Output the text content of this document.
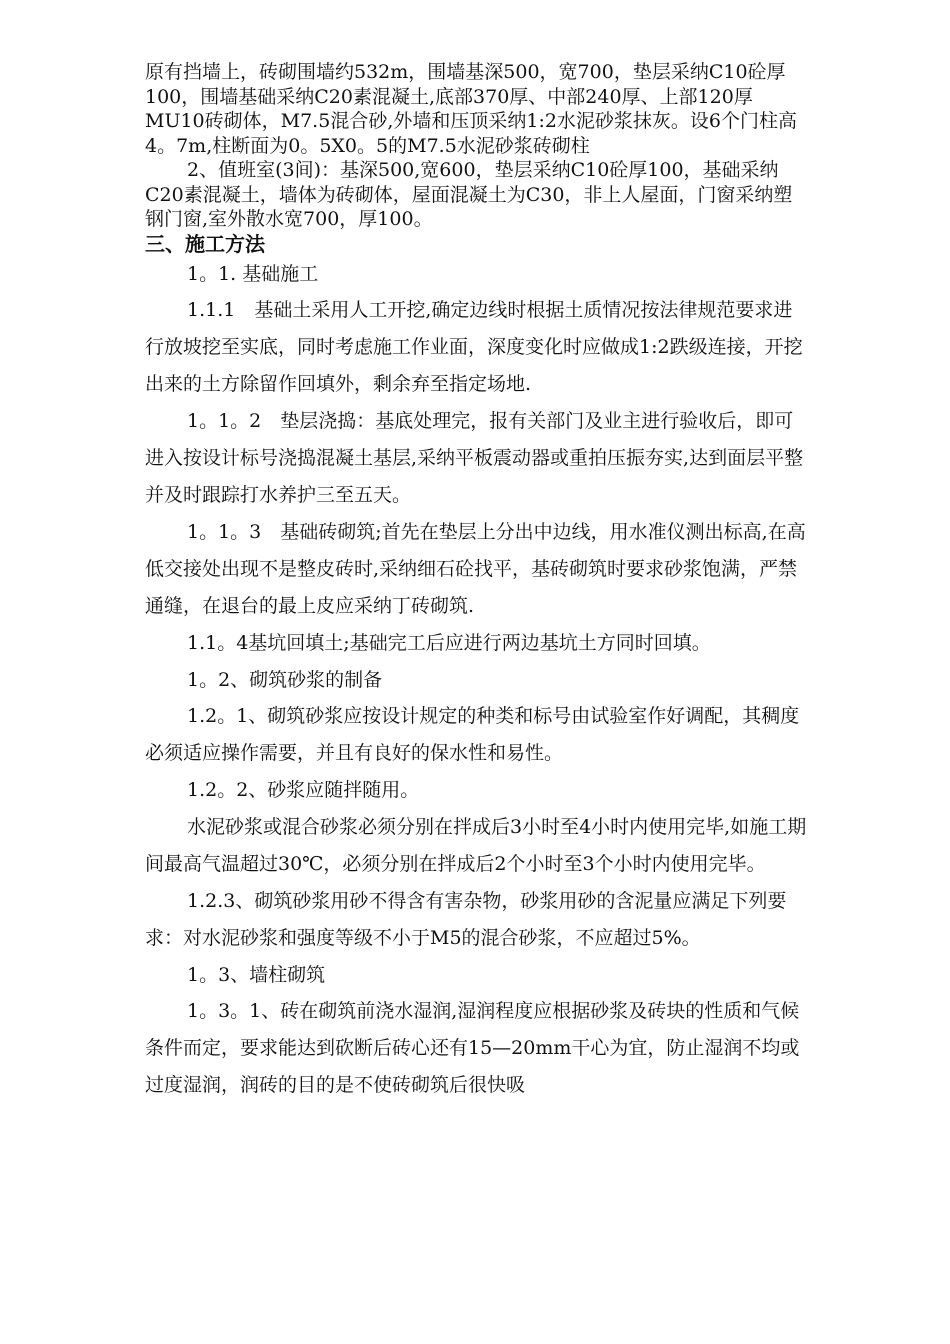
原有挡墙上，砖砌围墙约532m，围墙基深500，宽700，垫层采纳C10砼厚100，围墙基础采纳C20素混凝土,底部370厚、中部240厚、上部120厚MU10砖砌体，M7.5混合砂,外墙和压顶采纳1:2水泥砂浆抹灰。设6个门柱高4。7m,柱断面为0。5X0。5的M7.5水泥砂浆砖砌柱

2、值班室(3间)：基深500,宽600，垫层采纳C10砼厚100，基础采纳C20素混凝土，墙体为砖砌体，屋面混凝土为C30，非上人屋面，门窗采纳塑钢门窗,室外散水宽700，厚100。

三、施工方法

1。1. 基础施工

1.1.1　基础土采用人工开挖,确定边线时根据土质情况按法律规范要求进行放坡挖至实底，同时考虑施工作业面，深度变化时应做成1:2跌级连接，开挖出来的土方除留作回填外，剩余弃至指定场地.

1。1。2　垫层浇捣：基底处理完，报有关部门及业主进行验收后，即可进入按设计标号浇捣混凝土基层,采纳平板震动器或重拍压振夯实,达到面层平整并及时跟踪打水养护三至五天。

1。1。3　基础砖砌筑;首先在垫层上分出中边线，用水准仪测出标高,在高低交接处出现不是整皮砖时,采纳细石砼找平，基砖砌筑时要求砂浆饱满，严禁通缝，在退台的最上皮应采纳丁砖砌筑.

1.1。4基坑回填土;基础完工后应进行两边基坑土方同时回填。

1。2、砌筑砂浆的制备

1.2。1、砌筑砂浆应按设计规定的种类和标号由试验室作好调配，其稠度必须适应操作需要，并且有良好的保水性和易性。

1.2。2、砂浆应随拌随用。

水泥砂浆或混合砂浆必须分别在拌成后3小时至4小时内使用完毕,如施工期间最高气温超过30℃，必须分别在拌成后2个小时至3个小时内使用完毕。

1.2.3、砌筑砂浆用砂不得含有害杂物，砂浆用砂的含泥量应满足下列要求：对水泥砂浆和强度等级不小于M5的混合砂浆，不应超过5%。

1。3、墙柱砌筑

1。3。1、砖在砌筑前浇水湿润,湿润程度应根据砂浆及砖块的性质和气候条件而定，要求能达到砍断后砖心还有15—20mm干心为宜，防止湿润不均或过度湿润，润砖的目的是不使砖砌筑后很快吸
